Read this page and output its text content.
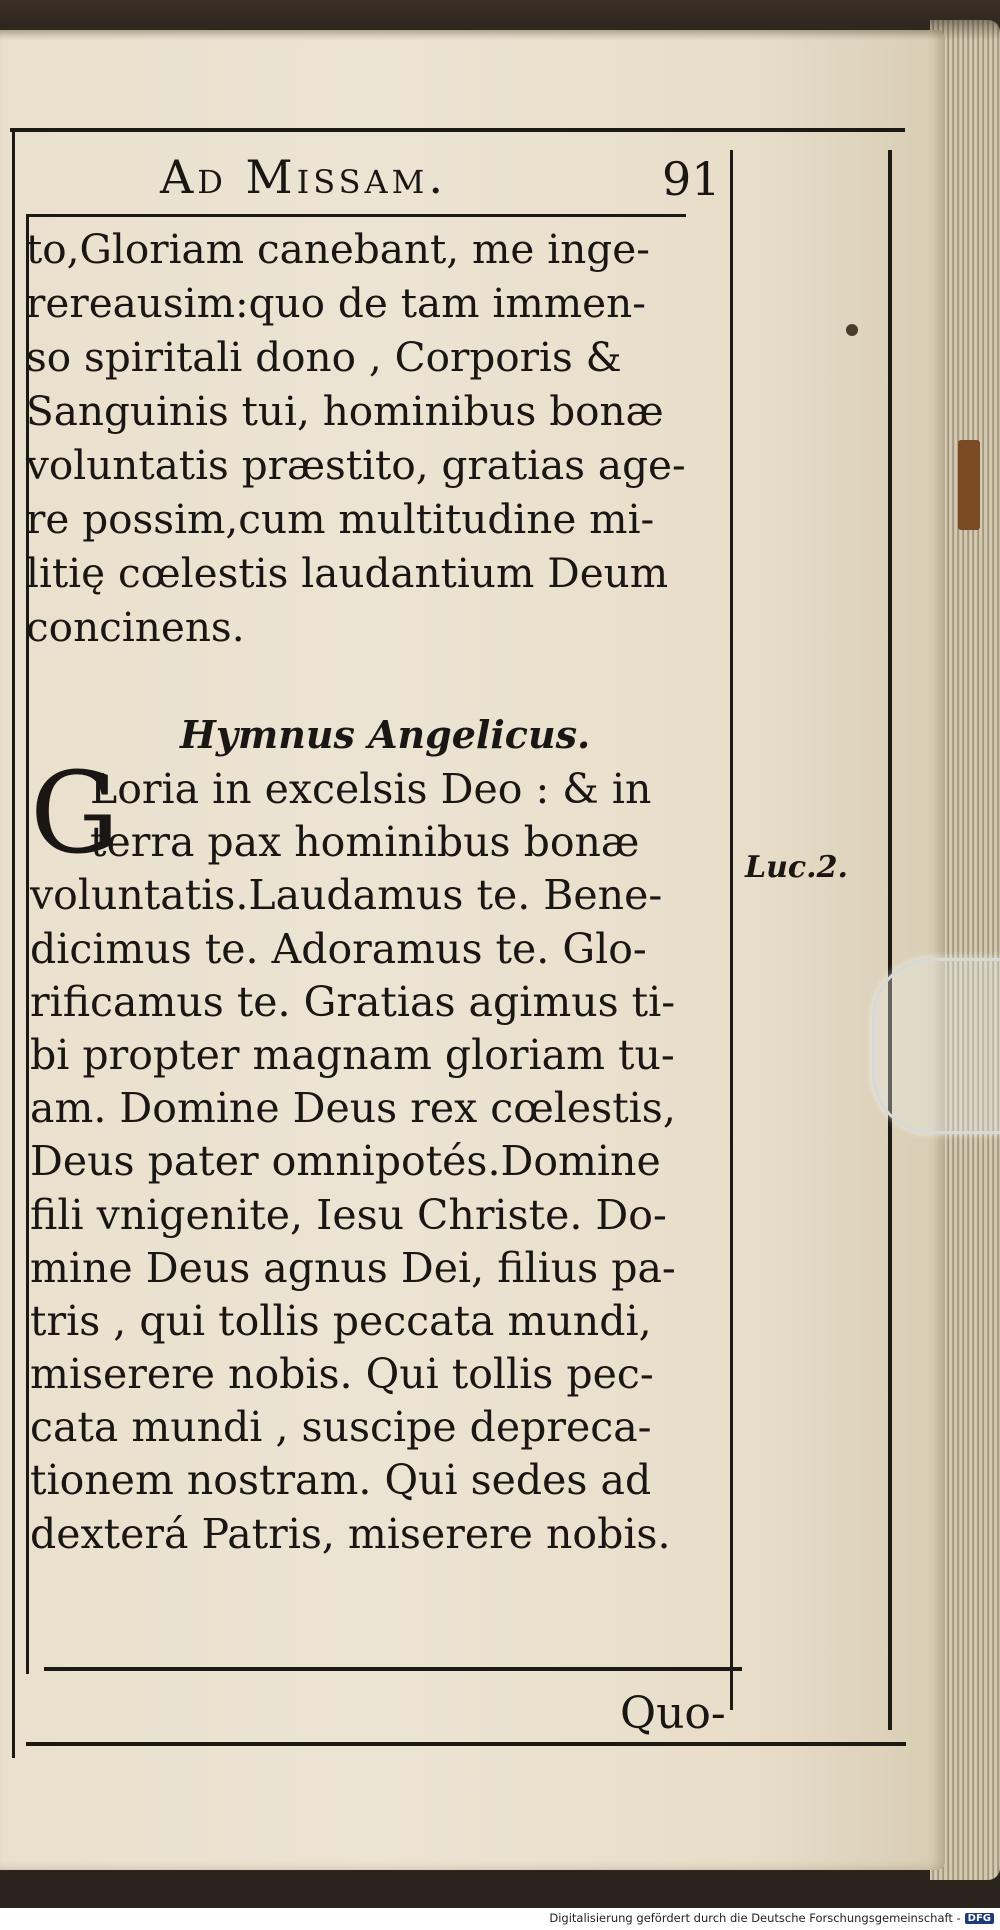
Ad Missam.	91
to,Gloriam canebant, me inge-
rereausim:quo de tam immen-
so spiritali dono , Corporis &
Sanguinis tui, hominibus bonæ
voluntatis præstito, gratias age-
re possim,cum multitudine mi-
litię cœlestis laudantium Deum
concinens.
Hymnus Angelicus.
G
Loria in excelsis Deo : & in
terra pax hominibus bonæ
voluntatis.Laudamus te. Bene-
dicimus te. Adoramus te. Glo-
rificamus te. Gratias agimus ti-
bi propter magnam gloriam tu-
am. Domine Deus rex cœlestis,
Deus pater omnipotés.Domine
fili vnigenite, Iesu Christe. Do-
mine Deus agnus Dei, filius pa-
tris , qui tollis peccata mundi,
miserere nobis. Qui tollis pec-
cata mundi , suscipe depreca-
tionem nostram. Qui sedes ad
dexterá Patris, miserere nobis.
Luc.2.
Quo-
Digitalisierung gefördert durch die Deutsche Forschungsgemeinschaft - DFG
